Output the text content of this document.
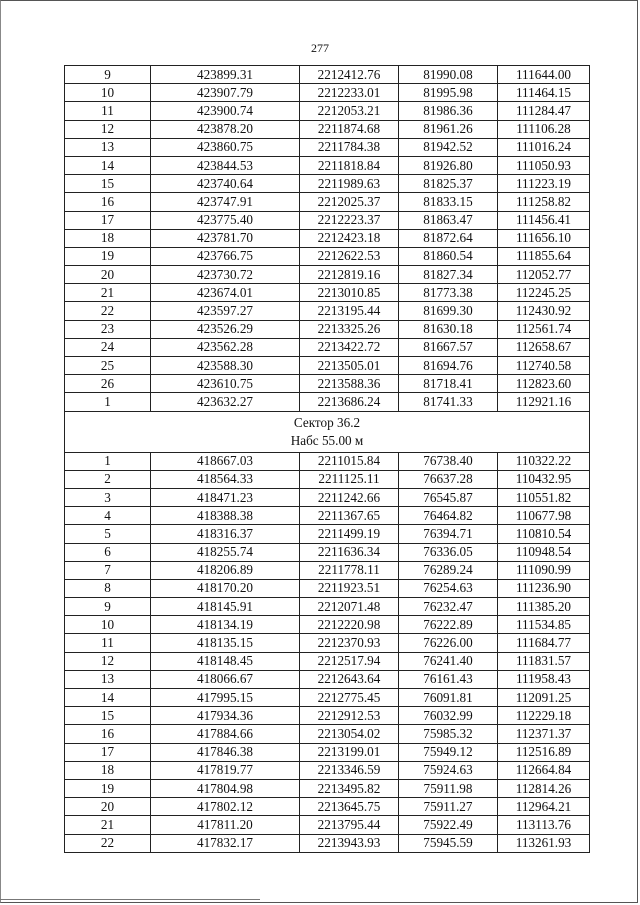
277
9	423899.31	2212412.76	81990.08	111644.00
10	423907.79	2212233.01	81995.98	111464.15
11	423900.74	2212053.21	81986.36	111284.47
12	423878.20	2211874.68	81961.26	111106.28
13	423860.75	2211784.38	81942.52	111016.24
14	423844.53	2211818.84	81926.80	111050.93
15	423740.64	2211989.63	81825.37	111223.19
16	423747.91	2212025.37	81833.15	111258.82
17	423775.40	2212223.37	81863.47	111456.41
18	423781.70	2212423.18	81872.64	111656.10
19	423766.75	2212622.53	81860.54	111855.64
20	423730.72	2212819.16	81827.34	112052.77
21	423674.01	2213010.85	81773.38	112245.25
22	423597.27	2213195.44	81699.30	112430.92
23	423526.29	2213325.26	81630.18	112561.74
24	423562.28	2213422.72	81667.57	112658.67
25	423588.30	2213505.01	81694.76	112740.58
26	423610.75	2213588.36	81718.41	112823.60
1	423632.27	2213686.24	81741.33	112921.16

Сектор 36.2
Набс 55.00 м				

1	418667.03	2211015.84	76738.40	110322.22
2	418564.33	2211125.11	76637.28	110432.95
3	418471.23	2211242.66	76545.87	110551.82
4	418388.38	2211367.65	76464.82	110677.98
5	418316.37	2211499.19	76394.71	110810.54
6	418255.74	2211636.34	76336.05	110948.54
7	418206.89	2211778.11	76289.24	111090.99
8	418170.20	2211923.51	76254.63	111236.90
9	418145.91	2212071.48	76232.47	111385.20
10	418134.19	2212220.98	76222.89	111534.85
11	418135.15	2212370.93	76226.00	111684.77
12	418148.45	2212517.94	76241.40	111831.57
13	418066.67	2212643.64	76161.43	111958.43
14	417995.15	2212775.45	76091.81	112091.25
15	417934.36	2212912.53	76032.99	112229.18
16	417884.66	2213054.02	75985.32	112371.37
17	417846.38	2213199.01	75949.12	112516.89
18	417819.77	2213346.59	75924.63	112664.84
19	417804.98	2213495.82	75911.98	112814.26
20	417802.12	2213645.75	75911.27	112964.21
21	417811.20	2213795.44	75922.49	113113.76
22	417832.17	2213943.93	75945.59	113261.93
